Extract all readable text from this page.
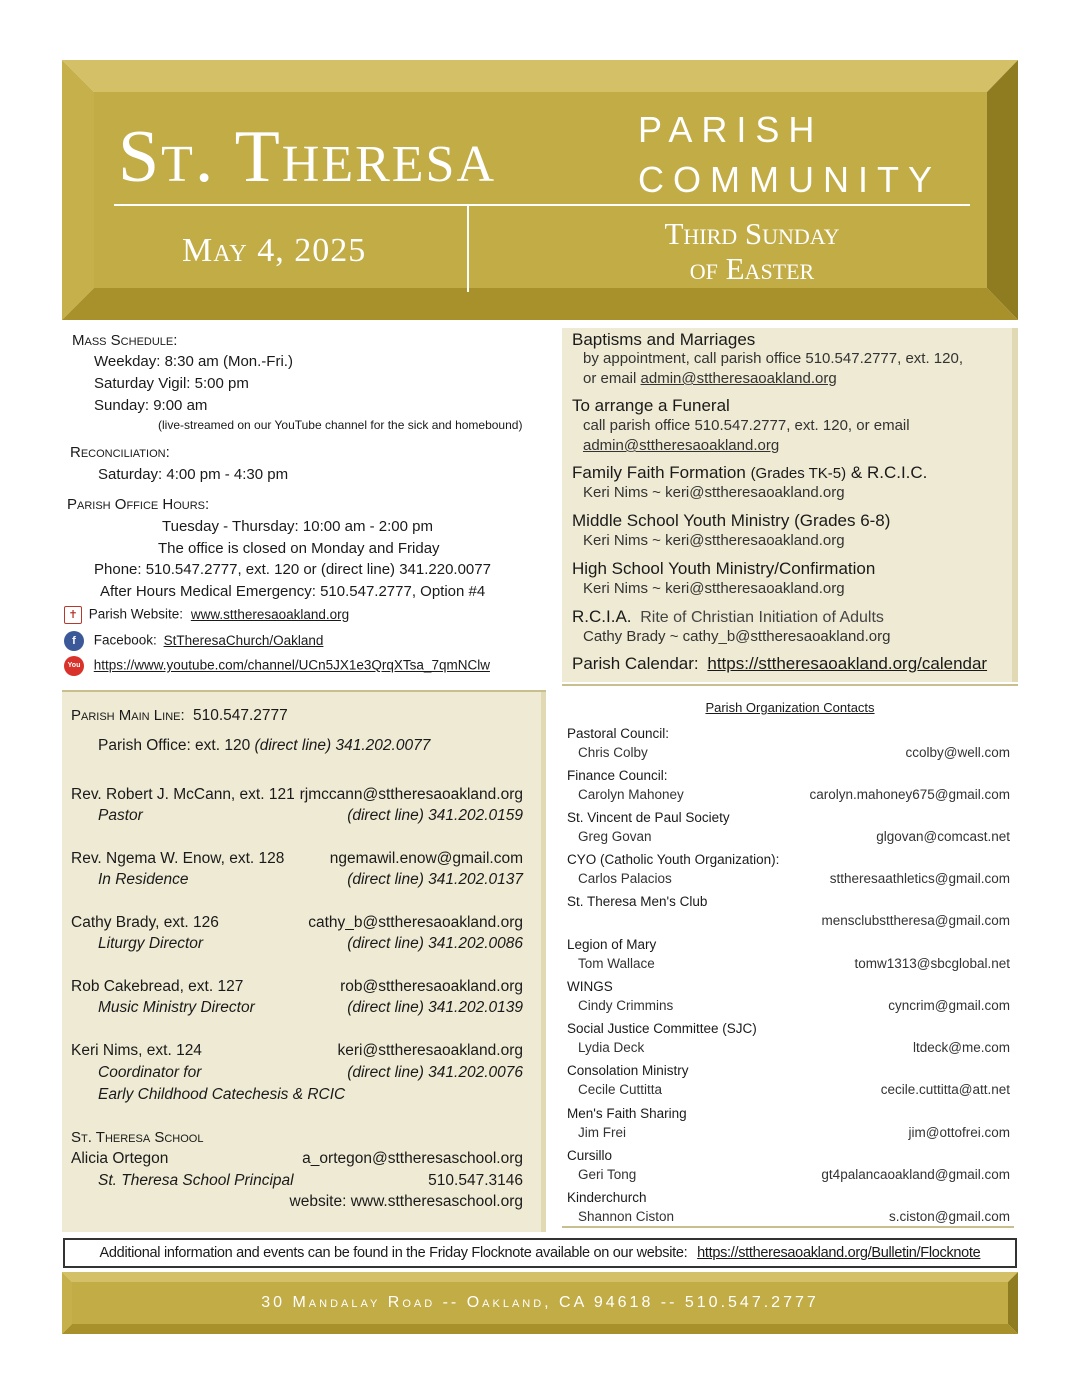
St. Theresa	PARISH
COMMUNITY
May 4, 2025	Third Sunday
of Easter
Mass Schedule:
Weekday: 8:30 am (Mon.-Fri.)
Saturday Vigil: 5:00 pm
Sunday: 9:00 am
(live-streamed on our YouTube channel for the sick and homebound)
Reconciliation:
Saturday: 4:00 pm - 4:30 pm
Parish Office Hours:
Tuesday - Thursday: 10:00 am - 2:00 pm
The office is closed on Monday and Friday
Phone: 510.547.2777, ext. 120 or (direct line) 341.220.0077
After Hours Medical Emergency: 510.547.2777, Option #4
✝ Parish Website: www.sttheresaoakland.org
f Facebook: StTheresaChurch/Oakland
You https://www.youtube.com/channel/UCn5JX1e3QrqXTsa_7qmNClw
Baptisms and Marriages
by appointment, call parish office 510.547.2777, ext. 120,
or email admin@sttheresaoakland.org
To arrange a Funeral
call parish office 510.547.2777, ext. 120, or email
admin@sttheresaoakland.org
Family Faith Formation (Grades TK-5) & R.C.I.C.
Keri Nims ~ keri@sttheresaoakland.org
Middle School Youth Ministry (Grades 6-8)
Keri Nims ~ keri@sttheresaoakland.org
High School Youth Ministry/Confirmation
Keri Nims ~ keri@sttheresaoakland.org
R.C.I.A. Rite of Christian Initiation of Adults
Cathy Brady ~ cathy_b@sttheresaoakland.org
Parish Calendar: https://sttheresaoakland.org/calendar
Parish Main Line: 510.547.2777
Parish Office: ext. 120 (direct line) 341.202.0077
Rev. Robert J. McCann, ext. 121 rjmccann@sttheresaoakland.org
Pastor	(direct line) 341.202.0159
Rev. Ngema W. Enow, ext. 128	ngemawil.enow@gmail.com
In Residence	(direct line) 341.202.0137
Cathy Brady, ext. 126	cathy_b@sttheresaoakland.org
Liturgy Director	(direct line) 341.202.0086
Rob Cakebread, ext. 127	rob@sttheresaoakland.org
Music Ministry Director	(direct line) 341.202.0139
Keri Nims, ext. 124	keri@sttheresaoakland.org
Coordinator for	(direct line) 341.202.0076
Early Childhood Catechesis & RCIC
St. Theresa School
Alicia Ortegon	a_ortegon@sttheresaschool.org
St. Theresa School Principal	510.547.3146
website: www.sttheresaschool.org
Parish Organization Contacts
Pastoral Council:
Chris Colby	ccolby@well.com
Finance Council:
Carolyn Mahoney	carolyn.mahoney675@gmail.com
St. Vincent de Paul Society
Greg Govan	glgovan@comcast.net
CYO (Catholic Youth Organization):
Carlos Palacios	sttheresaathletics@gmail.com
St. Theresa Men's Club
mensclubsttheresa@gmail.com
Legion of Mary
Tom Wallace	tomw1313@sbcglobal.net
WINGS
Cindy Crimmins	cyncrim@gmail.com
Social Justice Committee (SJC)
Lydia Deck	ltdeck@me.com
Consolation Ministry
Cecile Cuttitta	cecile.cuttitta@att.net
Men's Faith Sharing
Jim Frei	jim@ottofrei.com
Cursillo
Geri Tong	gt4palancaoakland@gmail.com
Kinderchurch
Shannon Ciston	s.ciston@gmail.com
Additional information and events can be found in the Friday Flocknote available on our website: https://sttheresaoakland.org/Bulletin/Flocknote
30 Mandalay Road -- Oakland, CA 94618 -- 510.547.2777
